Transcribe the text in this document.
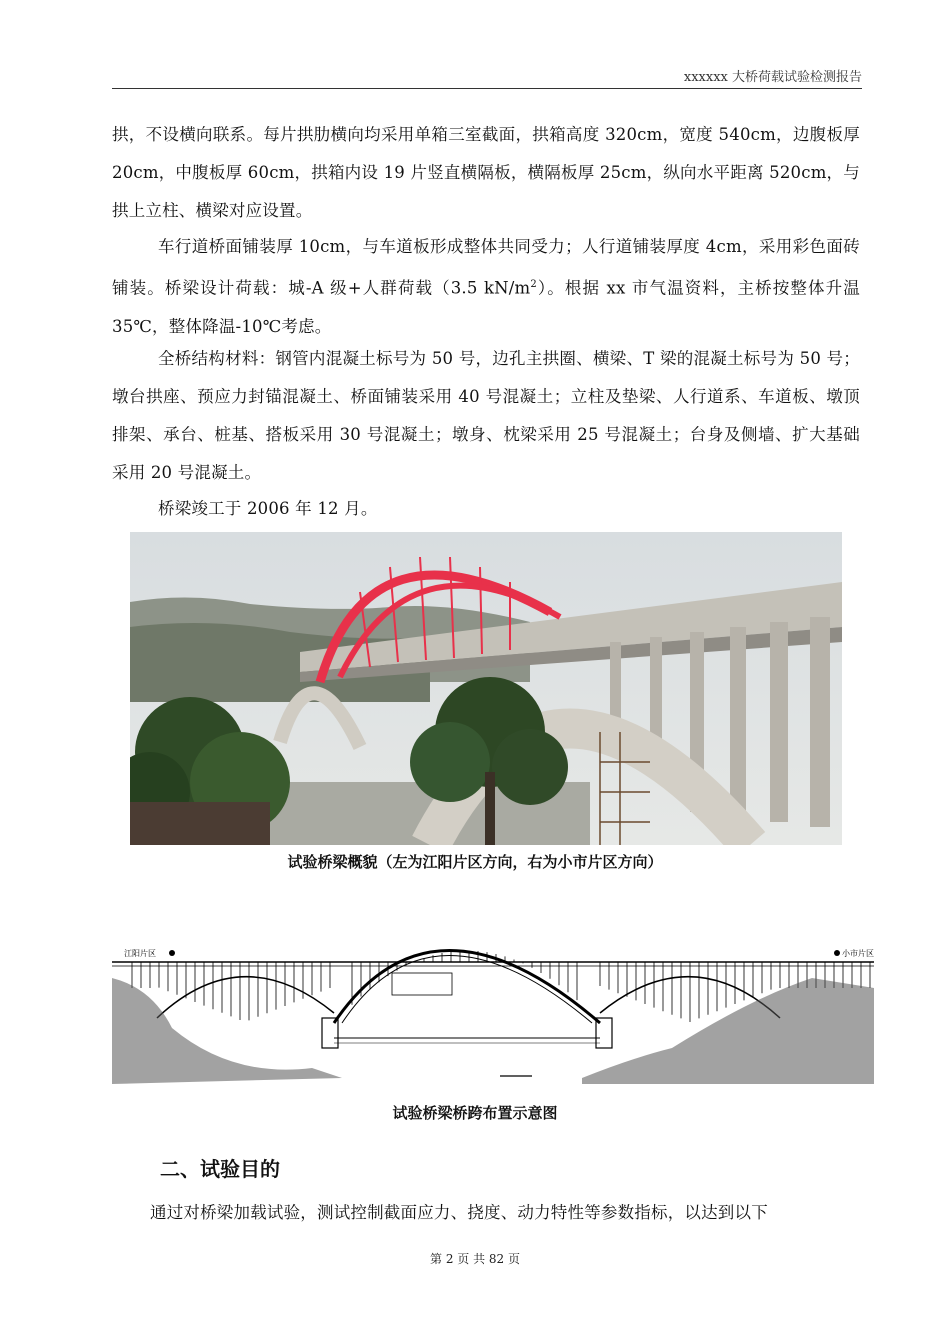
xxxxxx 大桥荷载试验检测报告

拱，不设横向联系。每片拱肋横向均采用单箱三室截面，拱箱高度 320cm，宽度 540cm，边腹板厚 20cm，中腹板厚 60cm，拱箱内设 19 片竖直横隔板，横隔板厚 25cm，纵向水平距离 520cm，与拱上立柱、横梁对应设置。

车行道桥面铺装厚 10cm，与车道板形成整体共同受力；人行道铺装厚度 4cm，采用彩色面砖铺装。桥梁设计荷载：城-A 级+人群荷载（3.5 $kN/m^2$）。根据 xx 市气温资料，主桥按整体升温 35℃，整体降温-10℃考虑。

全桥结构材料：钢管内混凝土标号为 50 号，边孔主拱圈、横梁、T 梁的混凝土标号为 50 号；墩台拱座、预应力封锚混凝土、桥面铺装采用 40 号混凝土；立柱及垫梁、人行道系、车道板、墩顶排架、承台、桩基、搭板采用 30 号混凝土；墩身、枕梁采用 25 号混凝土；台身及侧墙、扩大基础采用 20 号混凝土。

桥梁竣工于 2006 年 12 月。

试验桥梁概貌（左为江阳片区方向，右为小市片区方向）
江阳片区	小市片区
试验桥梁桥跨布置示意图
二、试验目的

通过对桥梁加载试验，测试控制截面应力、挠度、动力特性等参数指标，以达到以下

第 2 页 共 82 页
